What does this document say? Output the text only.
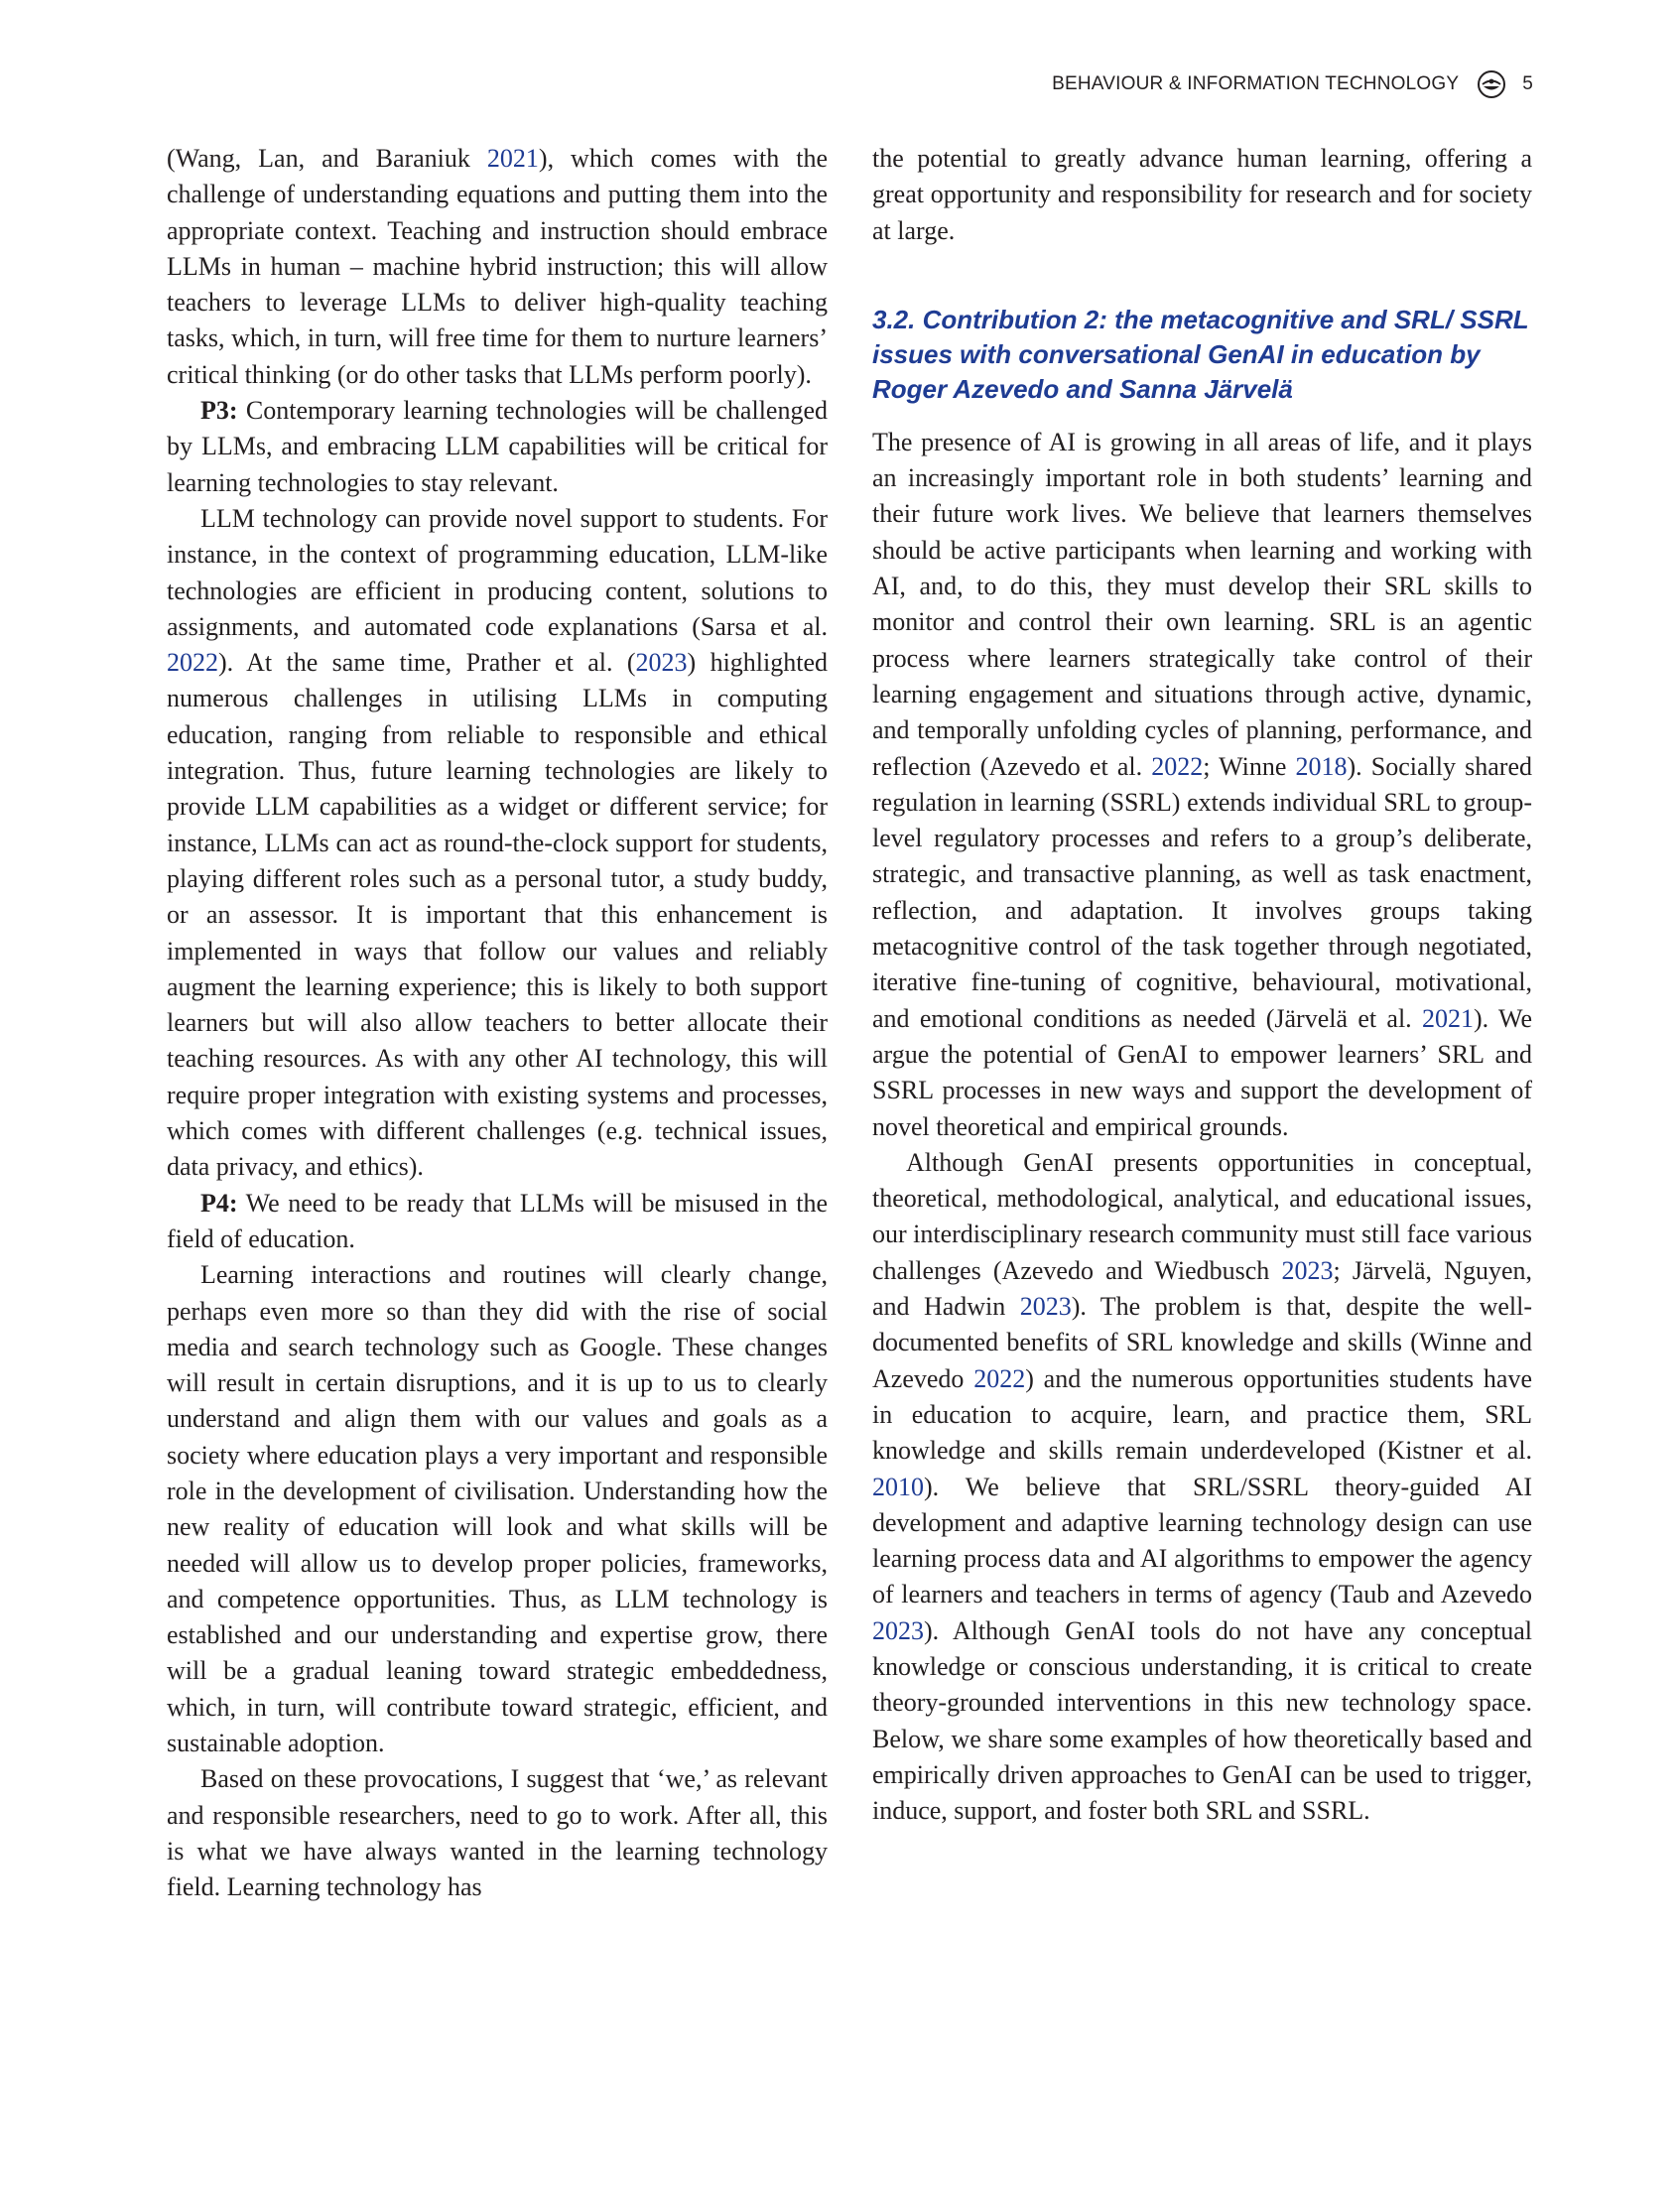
BEHAVIOUR & INFORMATION TECHNOLOGY	5

(Wang, Lan, and Baraniuk 2021), which comes with the challenge of understanding equations and putting them into the appropriate context. Teaching and instruction should embrace LLMs in human – machine hybrid instruction; this will allow teachers to leverage LLMs to deliver high-quality teaching tasks, which, in turn, will free time for them to nurture learners’ critical thinking (or do other tasks that LLMs perform poorly).

P3: Contemporary learning technologies will be challenged by LLMs, and embracing LLM capabilities will be critical for learning technologies to stay relevant.

LLM technology can provide novel support to students. For instance, in the context of programming education, LLM-like technologies are efficient in producing content, solutions to assignments, and automated code explanations (Sarsa et al. 2022). At the same time, Prather et al. (2023) highlighted numerous challenges in utilising LLMs in computing education, ranging from reliable to responsible and ethical integration. Thus, future learning technologies are likely to provide LLM capabilities as a widget or different service; for instance, LLMs can act as round-the-clock support for students, playing different roles such as a personal tutor, a study buddy, or an assessor. It is important that this enhancement is implemented in ways that follow our values and reliably augment the learning experience; this is likely to both support learners but will also allow teachers to better allocate their teaching resources. As with any other AI technology, this will require proper integration with existing systems and processes, which comes with different challenges (e.g. technical issues, data privacy, and ethics).

P4: We need to be ready that LLMs will be misused in the field of education.

Learning interactions and routines will clearly change, perhaps even more so than they did with the rise of social media and search technology such as Google. These changes will result in certain disruptions, and it is up to us to clearly understand and align them with our values and goals as a society where education plays a very important and responsible role in the development of civilisation. Understanding how the new reality of education will look and what skills will be needed will allow us to develop proper policies, frameworks, and competence opportunities. Thus, as LLM technology is established and our understanding and expertise grow, there will be a gradual leaning toward strategic embeddedness, which, in turn, will contribute toward strategic, efficient, and sustainable adoption.

Based on these provocations, I suggest that ‘we,’ as relevant and responsible researchers, need to go to work. After all, this is what we have always wanted in the learning technology field. Learning technology has

the potential to greatly advance human learning, offering a great opportunity and responsibility for research and for society at large.

3.2. Contribution 2: the metacognitive and SRL/ SSRL issues with conversational GenAI in education by Roger Azevedo and Sanna Järvelä

The presence of AI is growing in all areas of life, and it plays an increasingly important role in both students’ learning and their future work lives. We believe that learners themselves should be active participants when learning and working with AI, and, to do this, they must develop their SRL skills to monitor and control their own learning. SRL is an agentic process where learners strategically take control of their learning engagement and situations through active, dynamic, and temporally unfolding cycles of planning, performance, and reflection (Azevedo et al. 2022; Winne 2018). Socially shared regulation in learning (SSRL) extends individual SRL to group-level regulatory processes and refers to a group’s deliberate, strategic, and transactive planning, as well as task enactment, reflection, and adaptation. It involves groups taking metacognitive control of the task together through negotiated, iterative fine-tuning of cognitive, behavioural, motivational, and emotional conditions as needed (Järvelä et al. 2021). We argue the potential of GenAI to empower learners’ SRL and SSRL processes in new ways and support the development of novel theoretical and empirical grounds.

Although GenAI presents opportunities in conceptual, theoretical, methodological, analytical, and educational issues, our interdisciplinary research community must still face various challenges (Azevedo and Wiedbusch 2023; Järvelä, Nguyen, and Hadwin 2023). The problem is that, despite the well-documented benefits of SRL knowledge and skills (Winne and Azevedo 2022) and the numerous opportunities students have in education to acquire, learn, and practice them, SRL knowledge and skills remain underdeveloped (Kistner et al. 2010). We believe that SRL/SSRL theory-guided AI development and adaptive learning technology design can use learning process data and AI algorithms to empower the agency of learners and teachers in terms of agency (Taub and Azevedo 2023). Although GenAI tools do not have any conceptual knowledge or conscious understanding, it is critical to create theory-grounded interventions in this new technology space. Below, we share some examples of how theoretically based and empirically driven approaches to GenAI can be used to trigger, induce, support, and foster both SRL and SSRL.
